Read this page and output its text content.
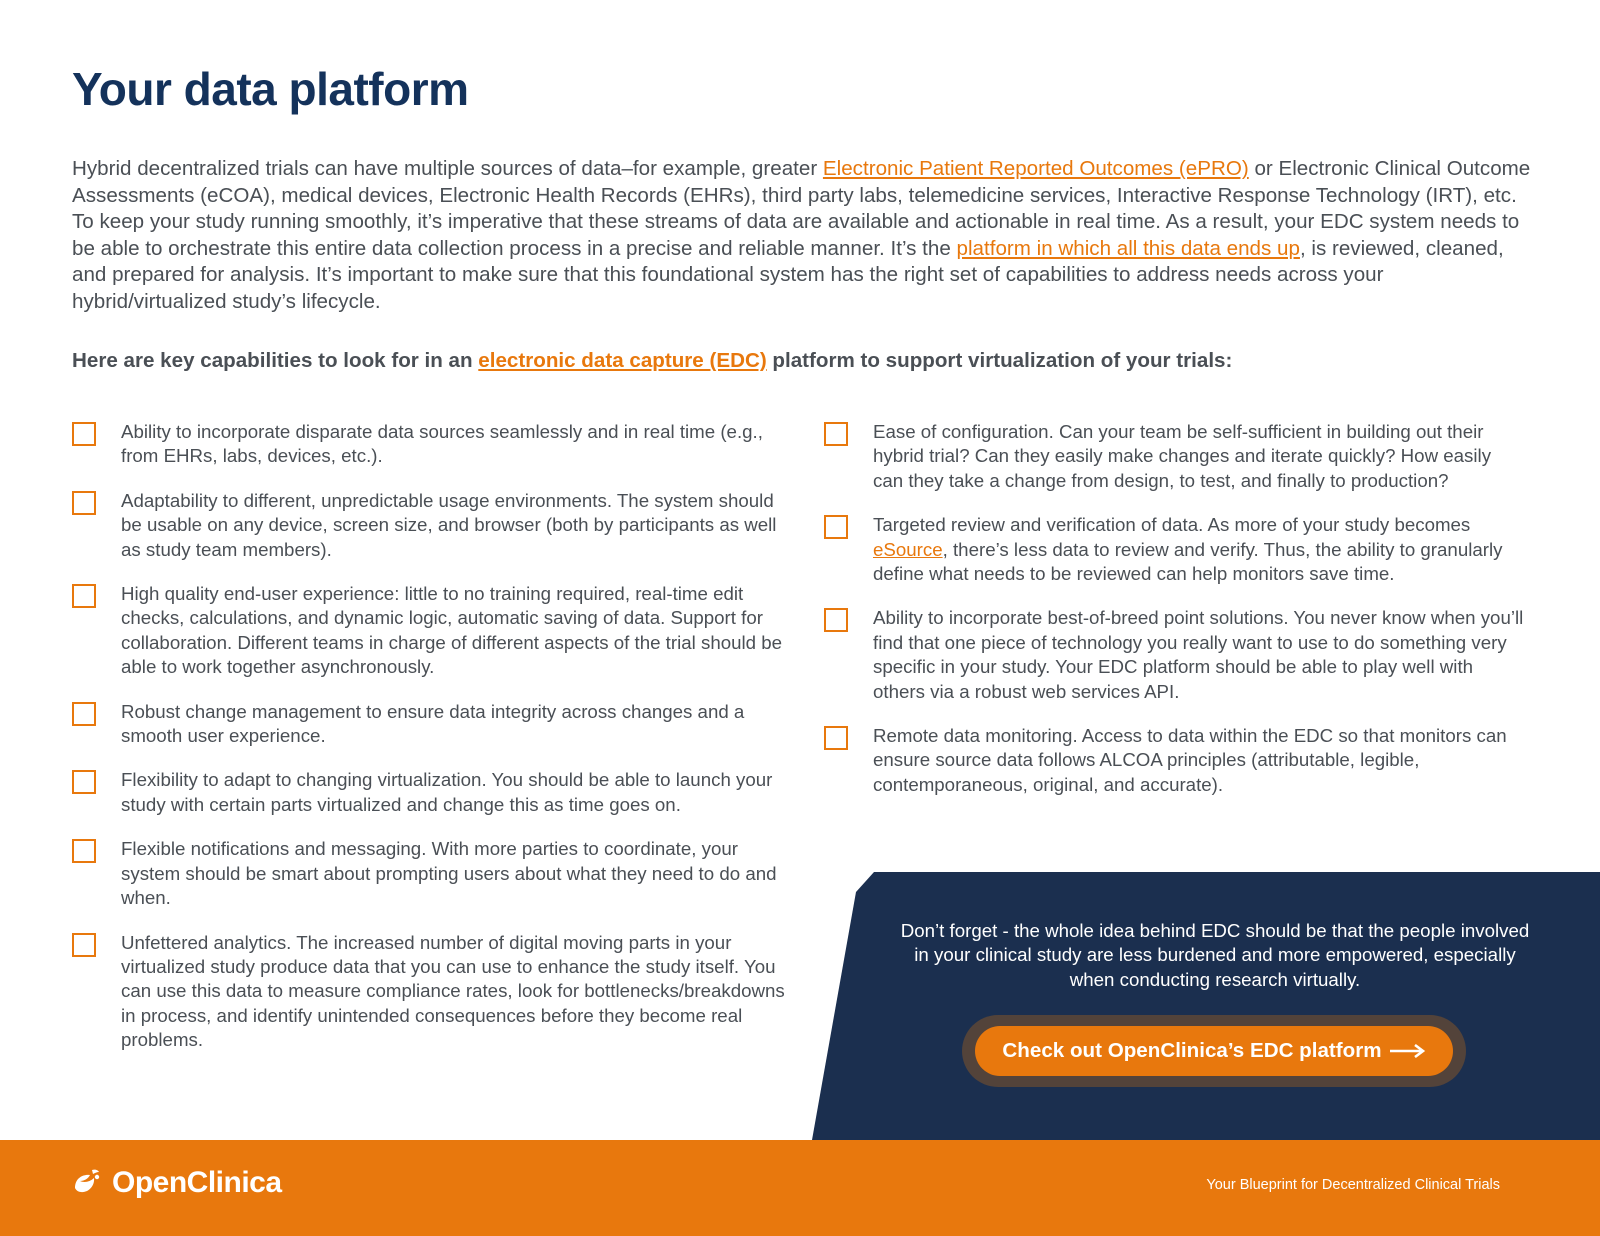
Your data platform

Hybrid decentralized trials can have multiple sources of data–for example, greater Electronic Patient Reported Outcomes (ePRO) or Electronic Clinical Outcome Assessments (eCOA), medical devices, Electronic Health Records (EHRs), third party labs, telemedicine services, Interactive Response Technology (IRT), etc. To keep your study running smoothly, it’s imperative that these streams of data are available and actionable in real time. As a result, your EDC system needs to be able to orchestrate this entire data collection process in a precise and reliable manner. It’s the platform in which all this data ends up, is reviewed, cleaned, and prepared for analysis. It’s important to make sure that this foundational system has the right set of capabilities to address needs across your hybrid/virtualized study’s lifecycle.

Here are key capabilities to look for in an electronic data capture (EDC) platform to support virtualization of your trials:

Ability to incorporate disparate data sources seamlessly and in real time (e.g., from EHRs, labs, devices, etc.).
Adaptability to different, unpredictable usage environments. The system should be usable on any device, screen size, and browser (both by participants as well as study team members).
High quality end-user experience: little to no training required, real-time edit checks, calculations, and dynamic logic, automatic saving of data. Support for collaboration. Different teams in charge of different aspects of the trial should be able to work together asynchronously.
Robust change management to ensure data integrity across changes and a smooth user experience.
Flexibility to adapt to changing virtualization. You should be able to launch your study with certain parts virtualized and change this as time goes on.
Flexible notifications and messaging. With more parties to coordinate, your system should be smart about prompting users about what they need to do and when.
Unfettered analytics. The increased number of digital moving parts in your virtualized study produce data that you can use to enhance the study itself. You can use this data to measure compliance rates, look for bottlenecks/breakdowns in process, and identify unintended consequences before they become real problems.
Ease of configuration. Can your team be self-sufficient in building out their hybrid trial? Can they easily make changes and iterate quickly? How easily can they take a change from design, to test, and finally to production?
Targeted review and verification of data. As more of your study becomes eSource, there’s less data to review and verify. Thus, the ability to granularly define what needs to be reviewed can help monitors save time.
Ability to incorporate best-of-breed point solutions. You never know when you’ll find that one piece of technology you really want to use to do something very specific in your study. Your EDC platform should be able to play well with others via a robust web services API.
Remote data monitoring. Access to data within the EDC so that monitors can ensure source data follows ALCOA principles (attributable, legible, contemporaneous, original, and accurate).

Don’t forget - the whole idea behind EDC should be that the people involved in your clinical study are less burdened and more empowered, especially when conducting research virtually.

Check out OpenClinica’s EDC platform
OpenClinica	Your Blueprint for Decentralized Clinical Trials
